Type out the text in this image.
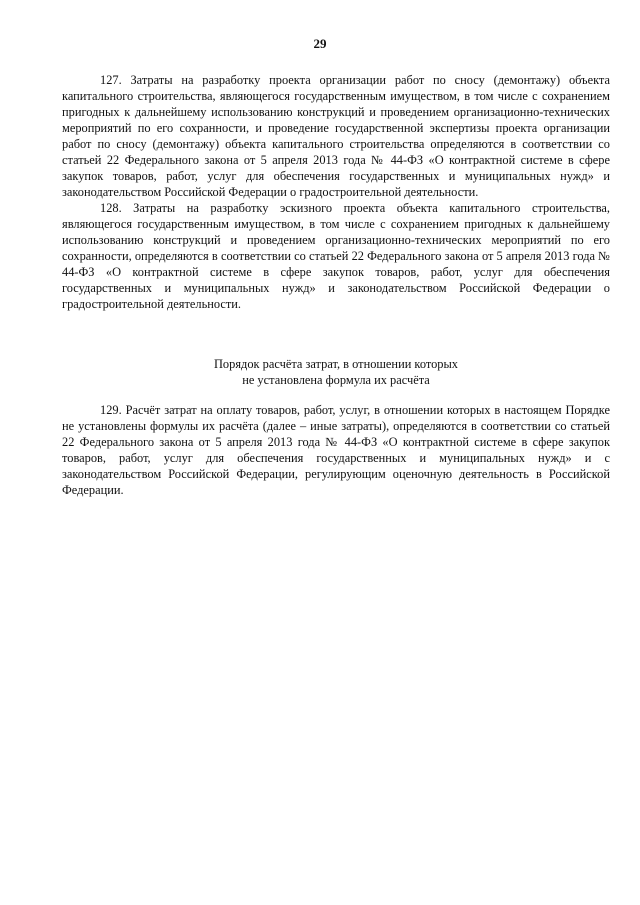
29

127. Затраты на разработку проекта организации работ по сносу (демонтажу) объекта капитального строительства, являющегося государственным имуществом, в том числе с сохранением пригодных к дальнейшему использованию конструкций и проведением организационно-технических мероприятий по его сохранности, и проведение государственной экспертизы проекта организации работ по сносу (демонтажу) объекта капитального строительства определяются в соответствии со статьей 22 Федерального закона от 5 апреля 2013 года № 44-ФЗ «О контрактной системе в сфере закупок товаров, работ, услуг для обеспечения государственных и муниципальных нужд» и законодательством Российской Федерации о градостроительной деятельности.

128. Затраты на разработку эскизного проекта объекта капитального строительства, являющегося государственным имуществом, в том числе с сохранением пригодных к дальнейшему использованию конструкций и проведением организационно-технических мероприятий по его сохранности, определяются в соответствии со статьей 22 Федерального закона от 5 апреля 2013 года № 44-ФЗ «О контрактной системе в сфере закупок товаров, работ, услуг для обеспечения государственных и муниципальных нужд» и законодательством Российской Федерации о градостроительной деятельности.

Порядок расчёта затрат, в отношении которых
не установлена формула их расчёта

129. Расчёт затрат на оплату товаров, работ, услуг, в отношении которых в настоящем Порядке не установлены формулы их расчёта (далее – иные затраты), определяются в соответствии со статьей 22 Федерального закона от 5 апреля 2013 года № 44-ФЗ «О контрактной системе в сфере закупок товаров, работ, услуг для обеспечения государственных и муниципальных нужд» и с законодательством Российской Федерации, регулирующим оценочную деятельность в Российской Федерации.
